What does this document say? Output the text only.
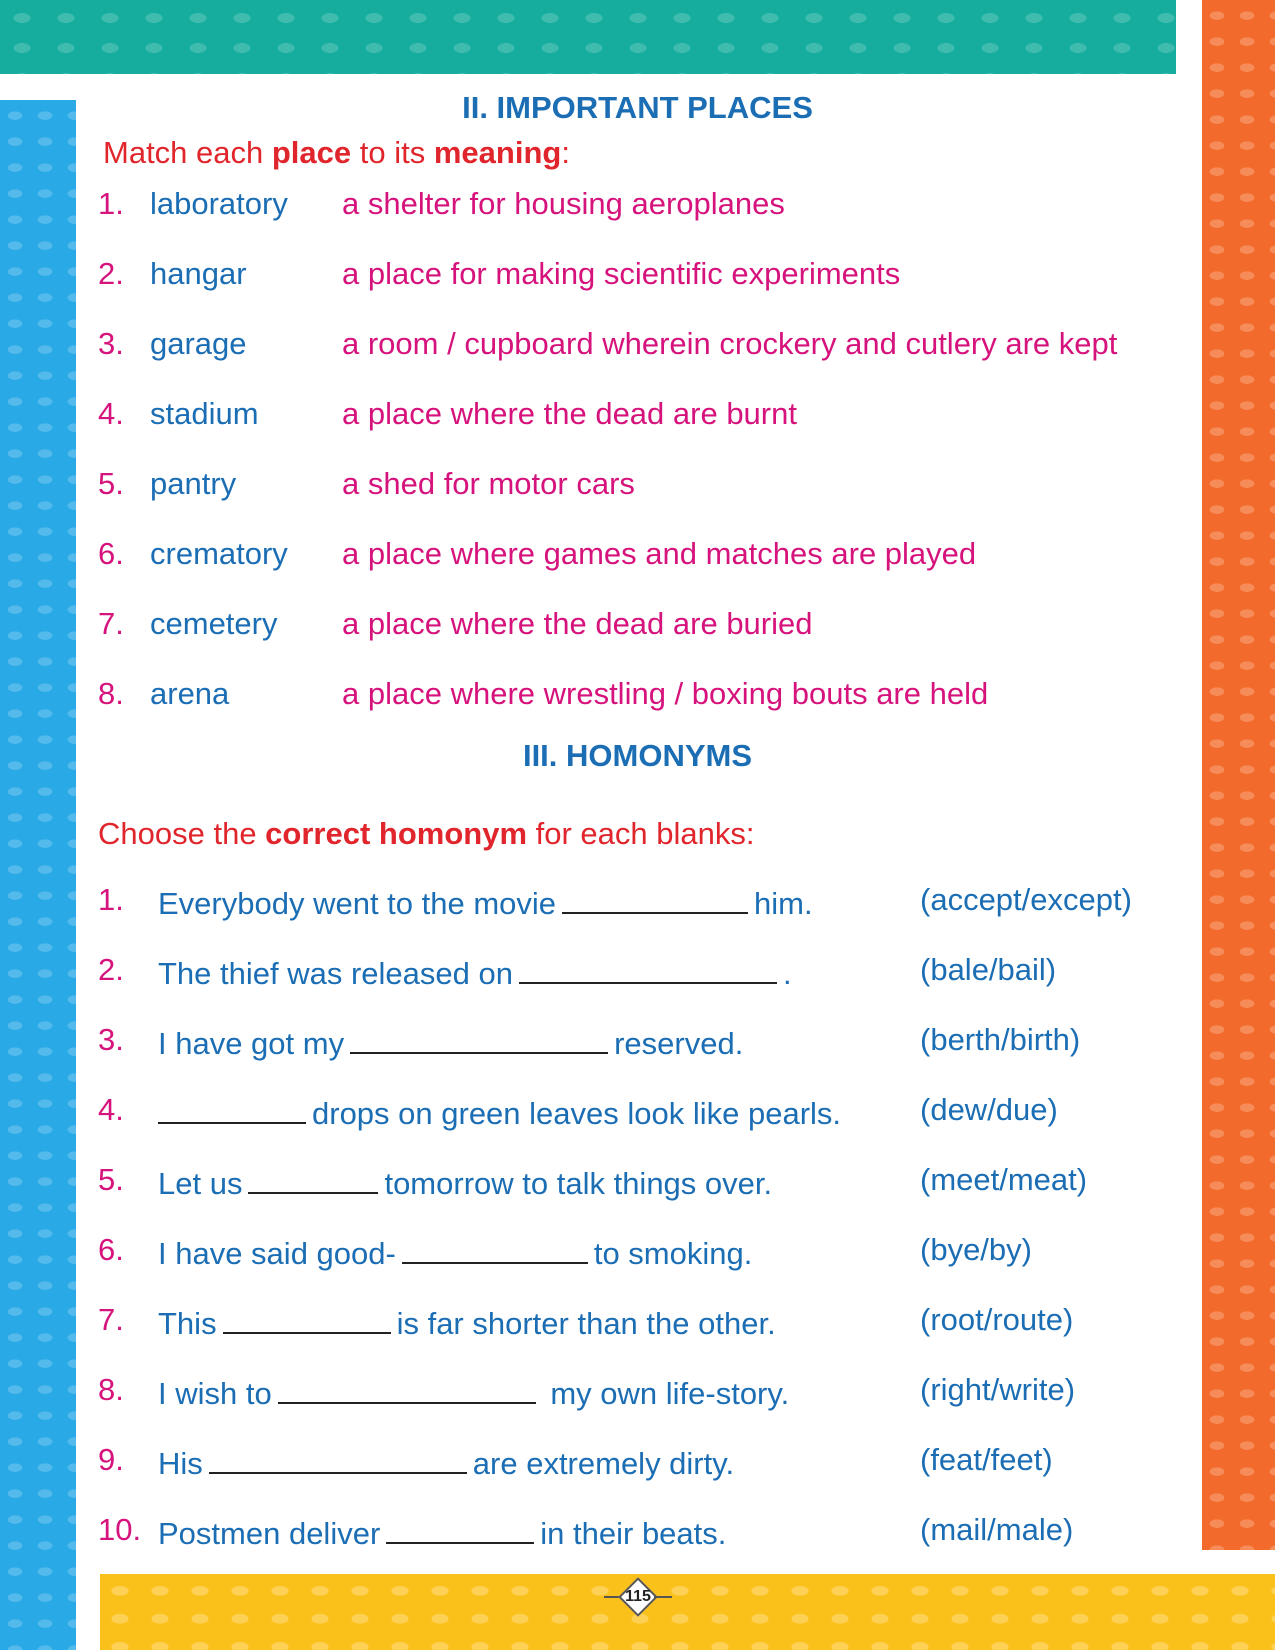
115
II. IMPORTANT PLACES
Match each place to its meaning:
1. laboratory a shelter for housing aeroplanes
2. hangar	a place for making scientific experiments
3. garage	a room / cupboard wherein crockery and cutlery are kept
4. stadium	a place where the dead are burnt
5. pantry	a shed for motor cars
6. crematory a place where games and matches are played
7. cemetery a place where the dead are buried
8. arena	a place where wrestling / boxing bouts are held
III. HOMONYMS
Choose the correct homonym for each blanks:
1. Everybody went to the movie	him.	(accept/except)
2. The thief was released on	.	(bale/bail)
3. I have got my	reserved.	(berth/birth)
4.	drops on green leaves look like pearls.	(dew/due)
5. Let us	tomorrow to talk things over.	(meet/meat)
6. I have said good-	to smoking.	(bye/by)
7. This	is far shorter than the other.	(root/route)
8. I wish to	my own life-story.	(right/write)
9. His	are extremely dirty.	(feat/feet)
10. Postmen deliver	in their beats.	(mail/male)
